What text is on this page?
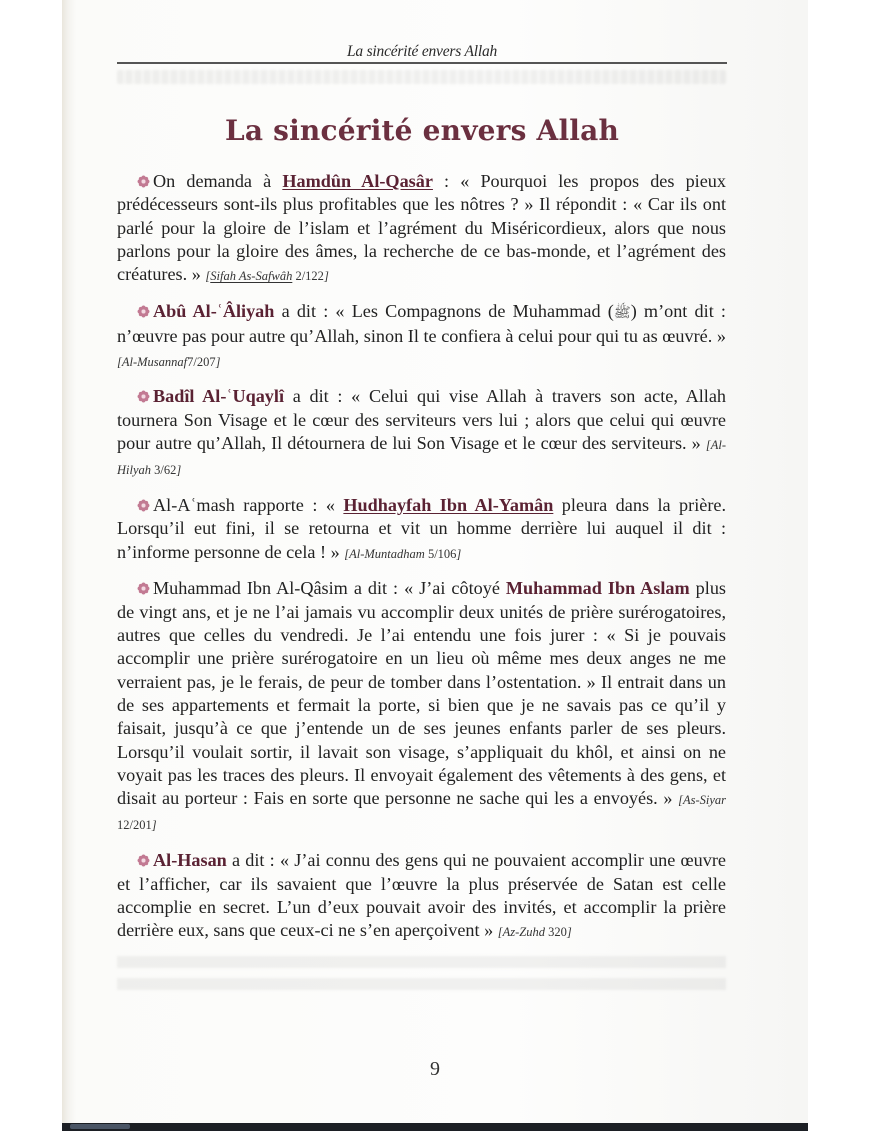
La sincérité envers Allah
La sincérité envers Allah

On demanda à Hamdûn Al-Qasâr : « Pourquoi les propos des pieux prédécesseurs sont-ils plus profitables que les nôtres ? » Il répondit : « Car ils ont parlé pour la gloire de l’islam et l’agrément du Miséricordieux, alors que nous parlons pour la gloire des âmes, la recherche de ce bas-monde, et l’agrément des créatures. » [Sifah As-Safwâh 2/122]

Abû Al-ʿÂliyah a dit : « Les Compagnons de Muhammad (ﷺ) m’ont dit : n’œuvre pas pour autre qu’Allah, sinon Il te confiera à celui pour qui tu as œuvré. » [Al-Musannaf7/207]

Badîl Al-ʿUqaylî a dit : « Celui qui vise Allah à travers son acte, Allah tournera Son Visage et le cœur des serviteurs vers lui ; alors que celui qui œuvre pour autre qu’Allah, Il détournera de lui Son Visage et le cœur des serviteurs. » [Al-Hilyah 3/62]

Al-Aʿmash rapporte : « Hudhayfah Ibn Al-Yamân pleura dans la prière. Lorsqu’il eut fini, il se retourna et vit un homme derrière lui auquel il dit : n’informe personne de cela ! » [Al-Muntadham 5/106]

Muhammad Ibn Al-Qâsim a dit : « J’ai côtoyé Muhammad Ibn Aslam plus de vingt ans, et je ne l’ai jamais vu accomplir deux unités de prière surérogatoires, autres que celles du vendredi. Je l’ai entendu une fois jurer : « Si je pouvais accomplir une prière surérogatoire en un lieu où même mes deux anges ne me verraient pas, je le ferais, de peur de tomber dans l’ostentation. » Il entrait dans un de ses appartements et fermait la porte, si bien que je ne savais pas ce qu’il y faisait, jusqu’à ce que j’entende un de ses jeunes enfants parler de ses pleurs. Lorsqu’il voulait sortir, il lavait son visage, s’appliquait du khôl, et ainsi on ne voyait pas les traces des pleurs. Il envoyait également des vêtements à des gens, et disait au porteur : Fais en sorte que personne ne sache qui les a envoyés. » [As-Siyar 12/201]

Al-Hasan a dit : « J’ai connu des gens qui ne pouvaient accomplir une œuvre et l’afficher, car ils savaient que l’œuvre la plus préservée de Satan est celle accomplie en secret. L’un d’eux pouvait avoir des invités, et accomplir la prière derrière eux, sans que ceux-ci ne s’en aperçoivent » [Az-Zuhd 320]

9
